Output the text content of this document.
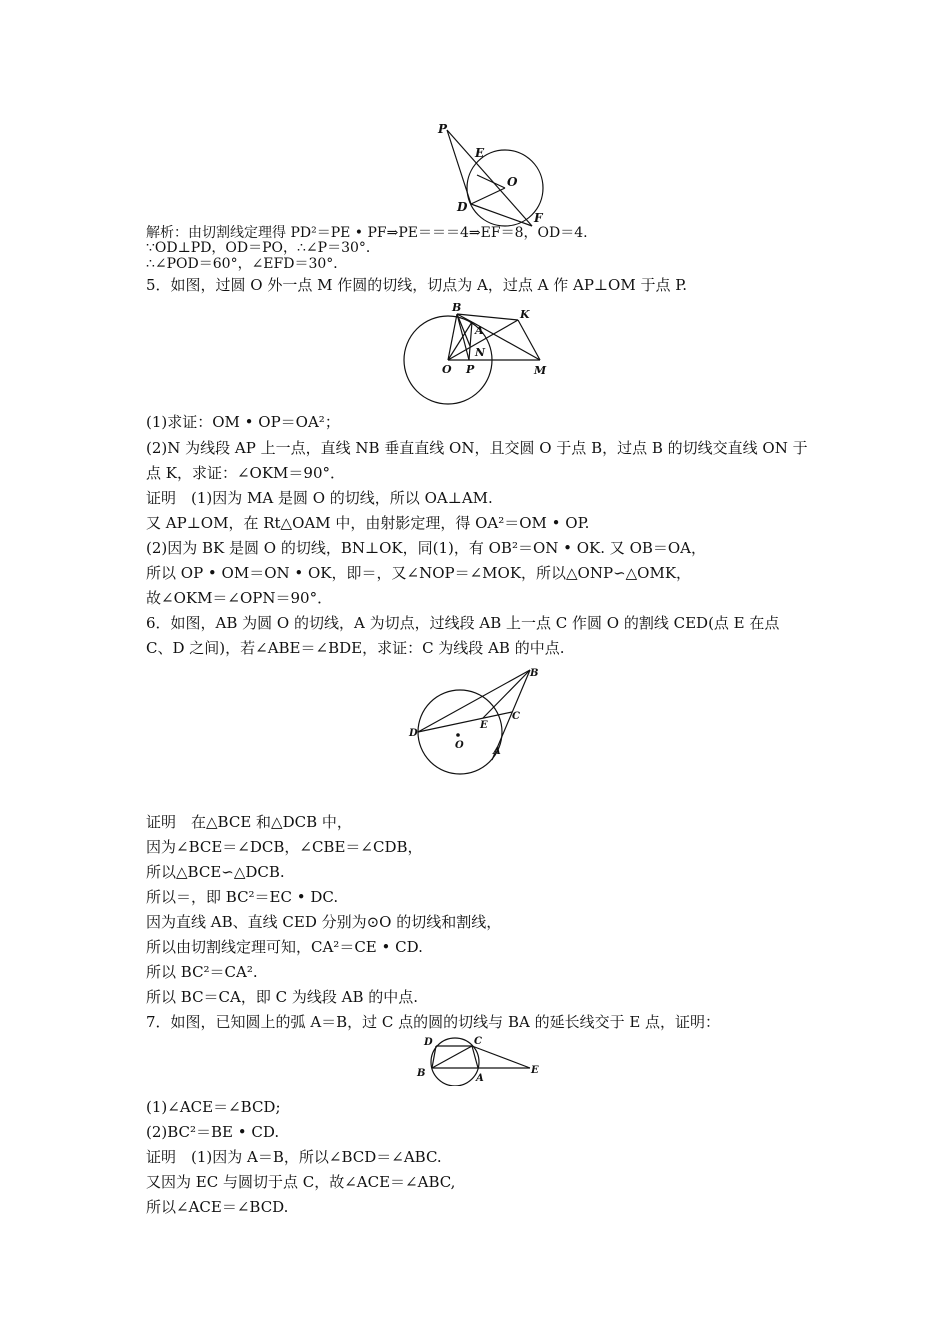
P
E
O
D
F
解析：由切割线定理得 PD²＝PE • PF⇒PE＝＝＝4⇒EF＝8，OD＝4.
∵OD⊥PD，OD＝PO，∴∠P＝30°．
∴∠POD＝60°，∠EFD＝30°．
5．如图，过圆 O 外一点 M 作圆的切线，切点为 A，过点 A 作 AP⊥OM 于点 P.
B
K
A
N
O P	M
(1)求证：OM • OP＝OA²；
(2)N 为线段 AP 上一点，直线 NB 垂直直线 ON，且交圆 O 于点 B，过点 B 的切线交直线 ON 于
点 K，求证：∠OKM＝90°．
证明　(1)因为 MA 是圆 O 的切线，所以 OA⊥AM.
又 AP⊥OM，在 Rt△OAM 中，由射影定理，得 OA²＝OM • OP.
(2)因为 BK 是圆 O 的切线，BN⊥OK，同(1)，有 OB²＝ON • OK. 又 OB＝OA，
所以 OP • OM＝ON • OK，即＝，又∠NOP＝∠MOK，所以△ONP∽△OMK，
故∠OKM＝∠OPN＝90°．
6．如图，AB 为圆 O 的切线，A 为切点，过线段 AB 上一点 C 作圆 O 的割线 CED(点 E 在点
C、D 之间)，若∠ABE＝∠BDE，求证：C 为线段 AB 的中点.
B
C
E
D
O
A
证明　在△BCE 和△DCB 中，
因为∠BCE＝∠DCB，∠CBE＝∠CDB，
所以△BCE∽△DCB.
所以＝，即 BC²＝EC • DC.
因为直线 AB、直线 CED 分别为⊙O 的切线和割线，
所以由切割线定理可知，CA²＝CE • CD.
所以 BC²＝CA².
所以 BC＝CA，即 C 为线段 AB 的中点.
7．如图，已知圆上的弧 A＝B，过 C 点的圆的切线与 BA 的延长线交于 E 点，证明：
D	C
B	A
E
(1)∠ACE＝∠BCD;
(2)BC²＝BE • CD.
证明　(1)因为 A＝B，所以∠BCD＝∠ABC.
又因为 EC 与圆切于点 C，故∠ACE＝∠ABC,
所以∠ACE＝∠BCD.
